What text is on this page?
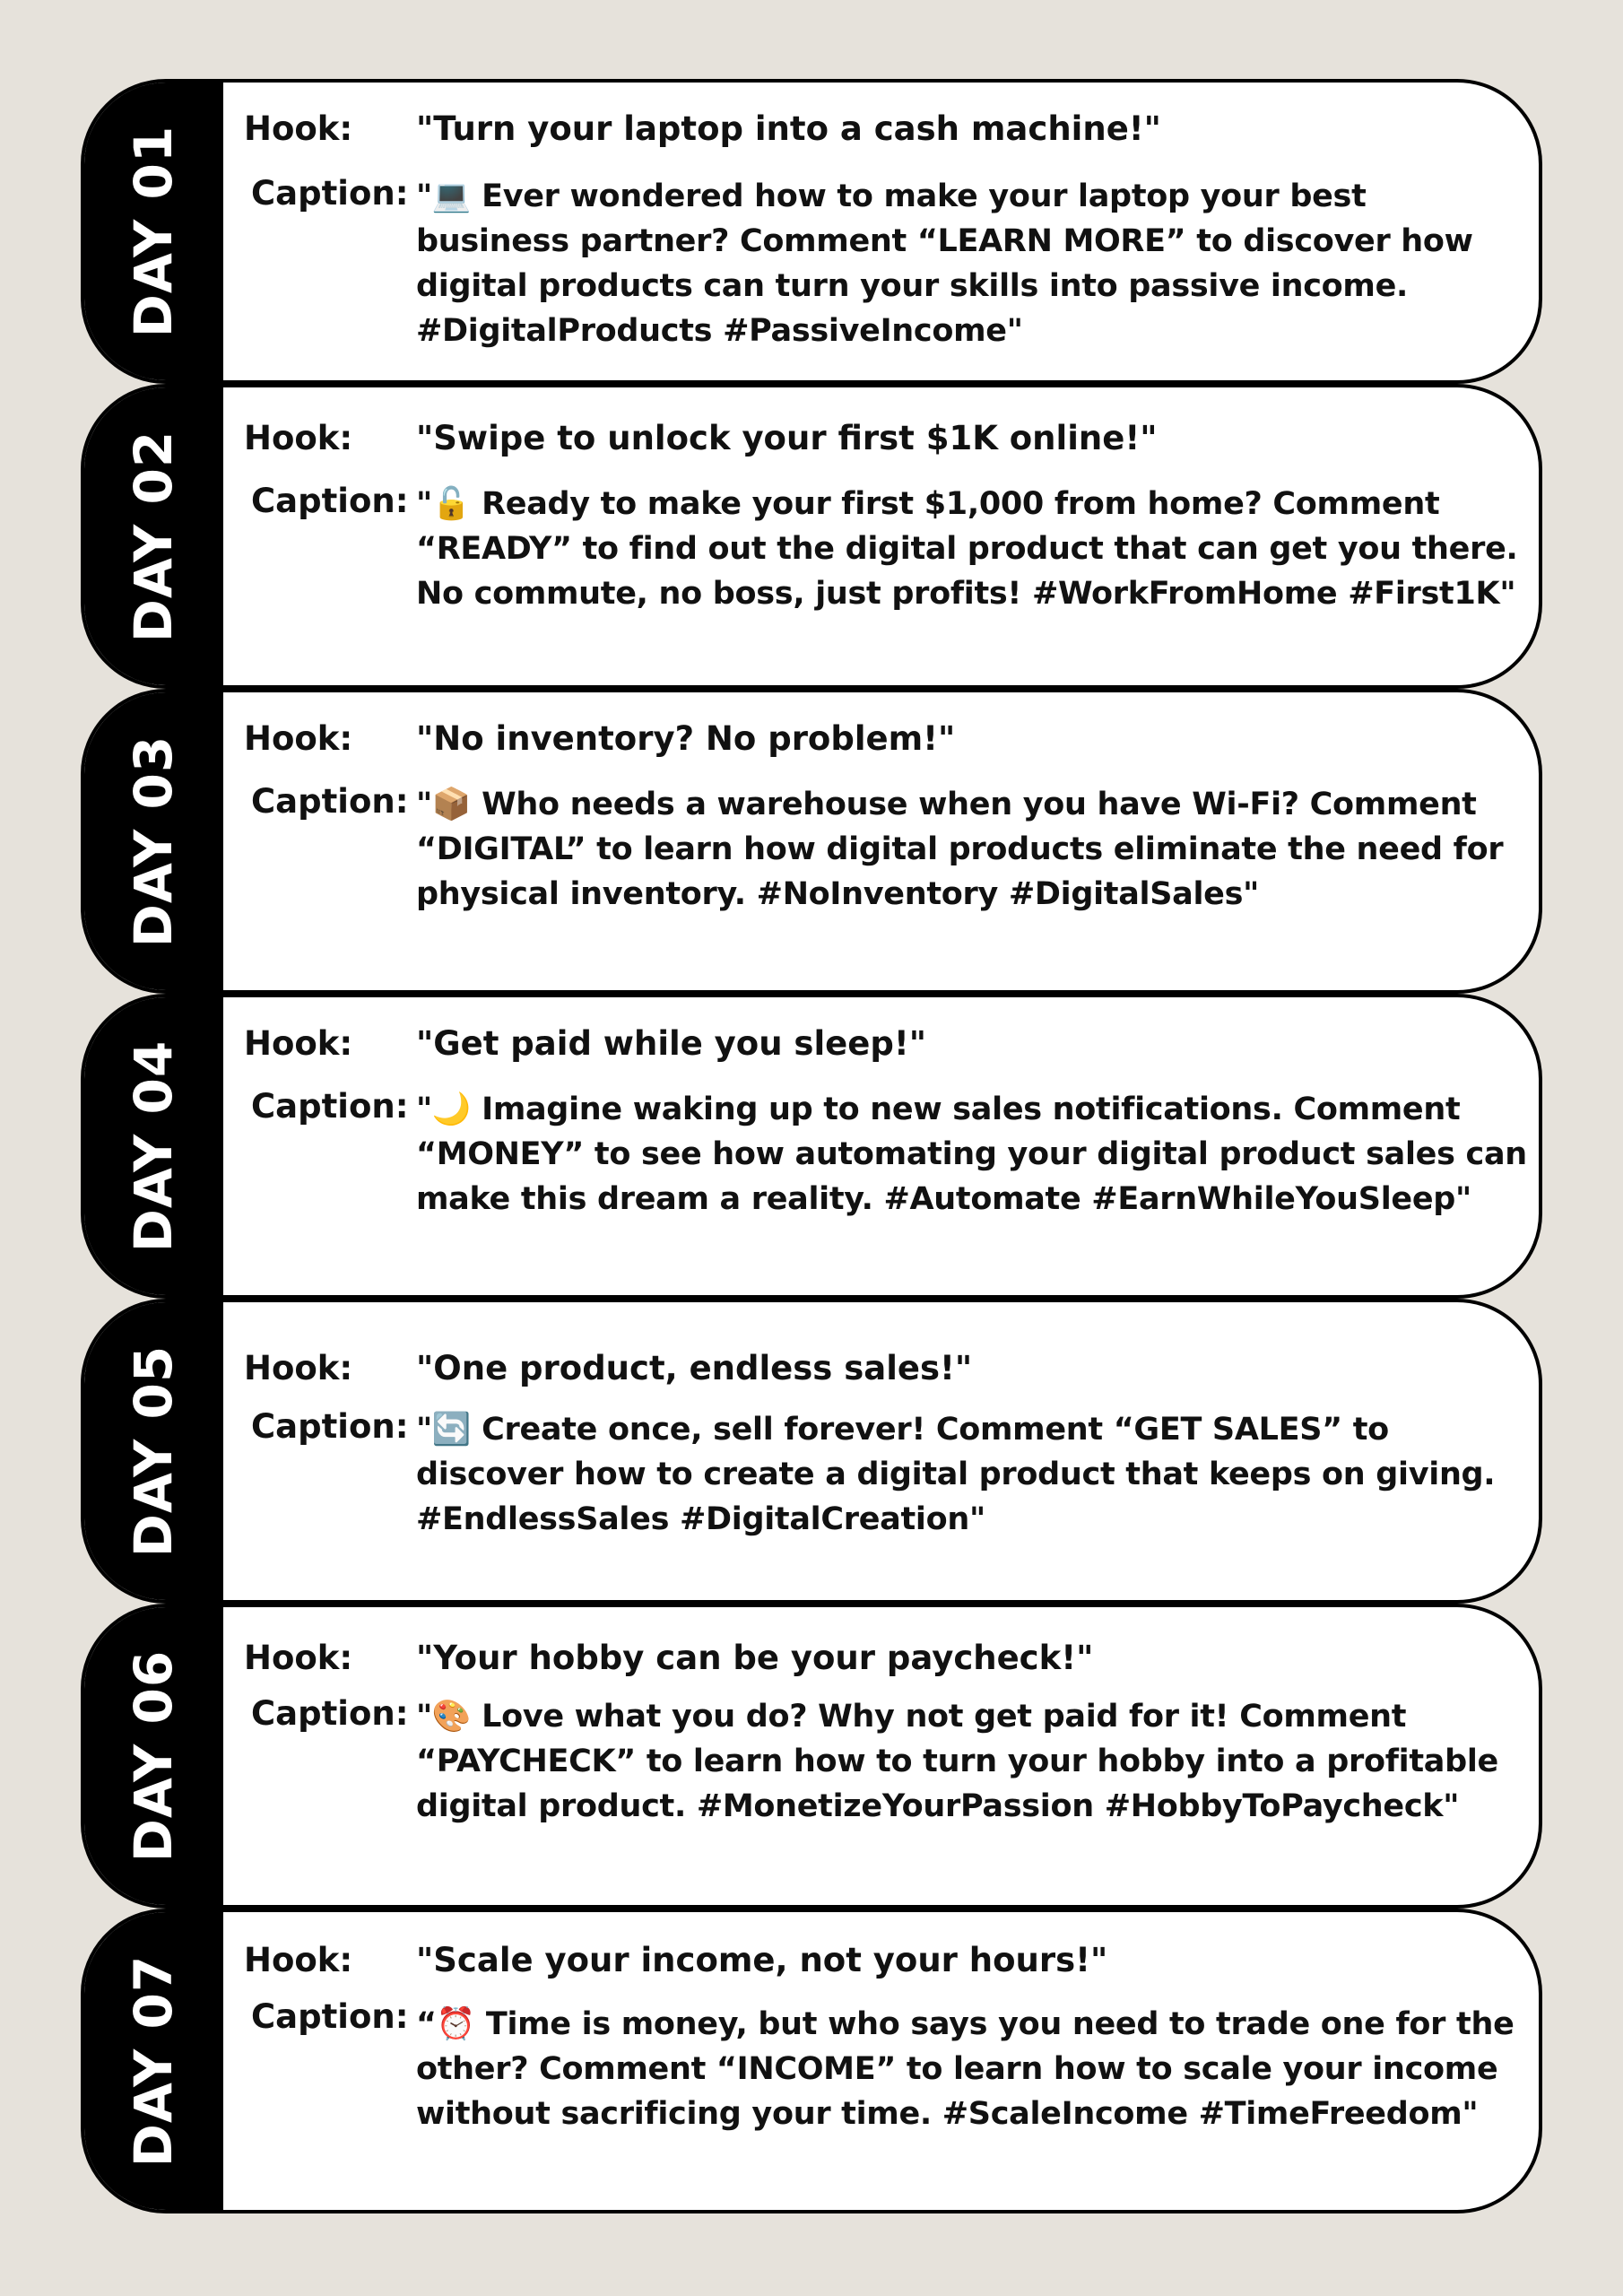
DAY 01 Hook: "Turn your laptop into a cash machine!"
Caption: "💻 Ever wondered how to make your laptop your best business partner? Comment “LEARN MORE” to discover how digital products can turn your skills into passive income. #DigitalProducts #PassiveIncome"
DAY 02 Hook: "Swipe to unlock your first $1K online!"
Caption: "🔓 Ready to make your first $1,000 from home? Comment “READY” to find out the digital product that can get you there. No commute, no boss, just profits! #WorkFromHome #First1K"
DAY 03 Hook: "No inventory? No problem!"
Caption: "📦 Who needs a warehouse when you have Wi-Fi? Comment “DIGITAL” to learn how digital products eliminate the need for physical inventory. #NoInventory #DigitalSales"
DAY 04 Hook: "Get paid while you sleep!"
Caption: "🌙 Imagine waking up to new sales notifications. Comment “MONEY” to see how automating your digital product sales can make this dream a reality. #Automate #EarnWhileYouSleep"
DAY 05 Hook: "One product, endless sales!"
Caption: "🔄 Create once, sell forever! Comment “GET SALES” to discover how to create a digital product that keeps on giving. #EndlessSales #DigitalCreation"
DAY 06 Hook: "Your hobby can be your paycheck!"
Caption: "🎨 Love what you do? Why not get paid for it! Comment “PAYCHECK” to learn how to turn your hobby into a profitable digital product. #MonetizeYourPassion #HobbyToPaycheck"
DAY 07 Hook: "Scale your income, not your hours!"
Caption: “⏰ Time is money, but who says you need to trade one for the other? Comment “INCOME” to learn how to scale your income without sacrificing your time. #ScaleIncome #TimeFreedom"
